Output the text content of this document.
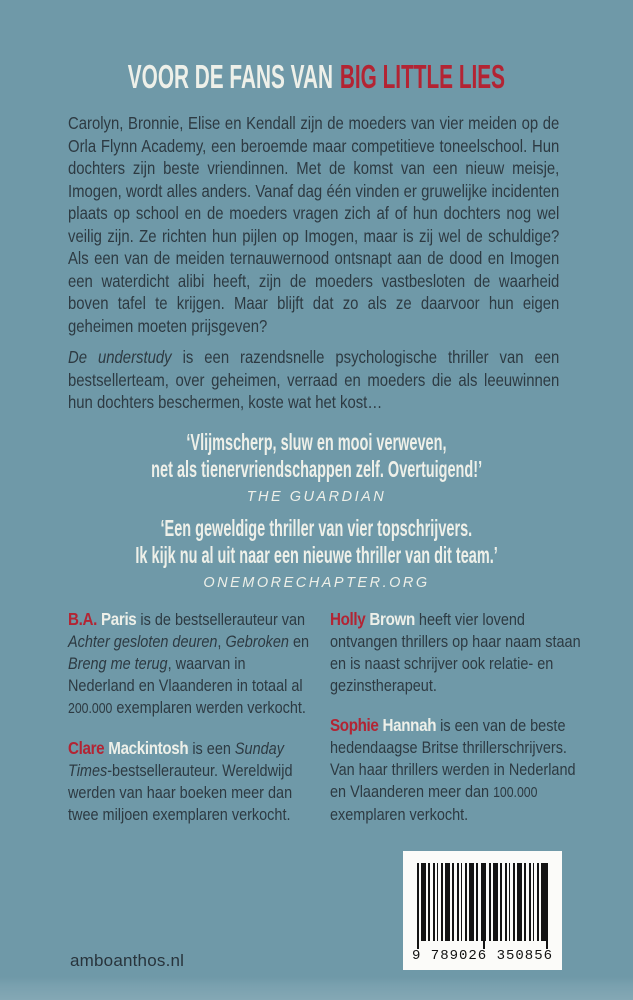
VOOR DE FANS VAN BIG LITTLE LIES

Carolyn, Bronnie, Elise en Kendall zijn de moeders van vier meiden op de Orla Flynn Academy, een beroemde maar competitieve toneelschool. Hun dochters zijn beste vriendinnen. Met de komst van een nieuw meisje, Imogen, wordt alles anders. Vanaf dag één vinden er gruwelijke incidenten plaats op school en de moeders vragen zich af of hun dochters nog wel veilig zijn. Ze richten hun pijlen op Imogen, maar is zij wel de schuldige? Als een van de meiden ternauwernood ontsnapt aan de dood en Imogen een waterdicht alibi heeft, zijn de moeders vastbesloten de waarheid boven tafel te krijgen. Maar blijft dat zo als ze daarvoor hun eigen geheimen moeten prijsgeven?

De understudy is een razendsnelle psychologische thriller van een bestsellerteam, over geheimen, verraad en moeders die als leeuwinnen hun dochters beschermen, koste wat het kost…

‘Vlijmscherp, sluw en mooi verweven,
net als tienervriendschappen zelf. Overtuigend!’
THE GUARDIAN
‘Een geweldige thriller van vier topschrijvers.
Ik kijk nu al uit naar een nieuwe thriller van dit team.’
ONEMORECHAPTER.ORG

B.A. Paris is de bestsellerauteur van Achter gesloten deuren, Gebroken en Breng me terug, waarvan in Nederland en Vlaanderen in totaal al 200.000 exemplaren werden verkocht.

Clare Mackintosh is een Sunday Times-bestsellerauteur. Wereldwijd werden van haar boeken meer dan twee miljoen exemplaren verkocht.

Holly Brown heeft vier lovend ontvangen thrillers op haar naam staan en is naast schrijver ook relatie- en gezinstherapeut.

Sophie Hannah is een van de beste hedendaagse Britse thrillerschrijvers. Van haar thrillers werden in Nederland en Vlaanderen meer dan 100.000 exemplaren verkocht.

9 789026 350856
amboanthos.nl
